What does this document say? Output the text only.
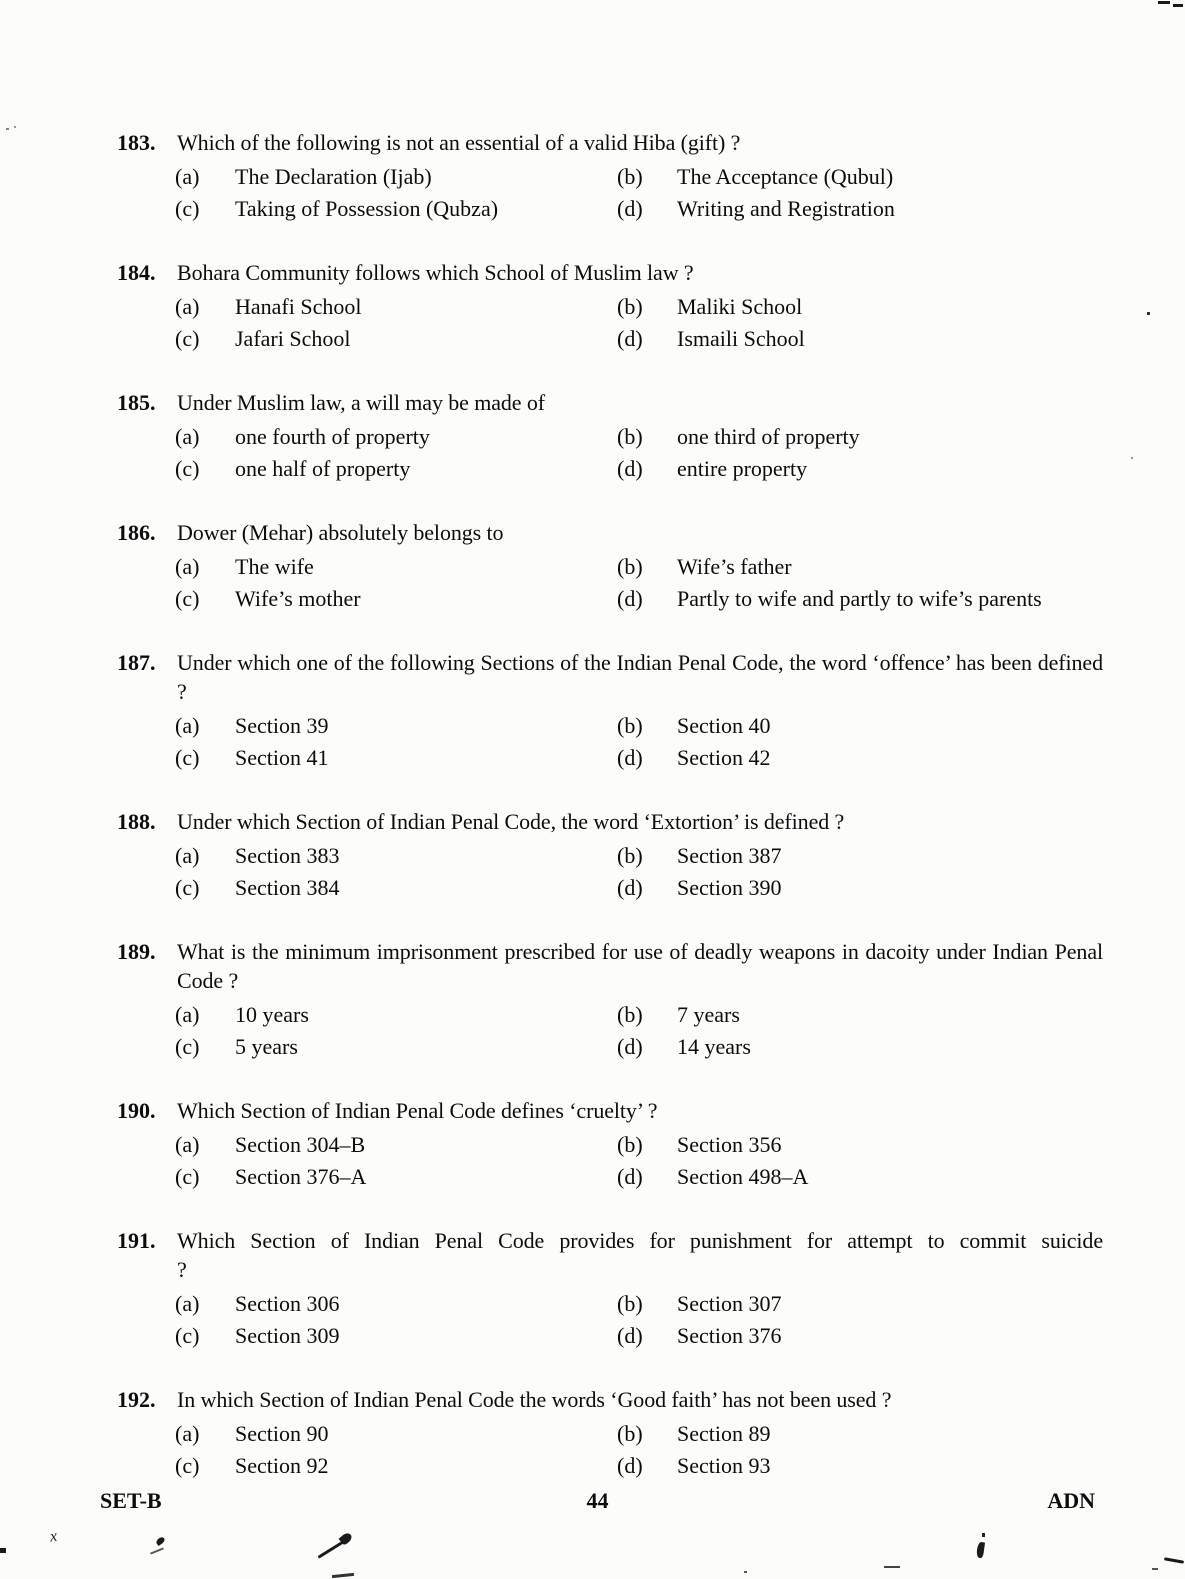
183. Which of the following is not an essential of a valid Hiba (gift) ?
(a)	The Declaration (Ijab)	(b)	The Acceptance (Qubul)
(c)	Taking of Possession (Qubza)	(d)	Writing and Registration
184. Bohara Community follows which School of Muslim law ?
(a)	Hanafi School	(b)	Maliki School
(c)	Jafari School	(d)	Ismaili School
185. Under Muslim law, a will may be made of
(a)	one fourth of property	(b)	one third of property
(c)	one half of property	(d)	entire property
186. Dower (Mehar) absolutely belongs to
(a)	The wife	(b)	Wife’s father
(c)	Wife’s mother	(d)	Partly to wife and partly to wife’s parents
187. Under which one of the following Sections of the Indian Penal Code, the word ‘offence’ has been defined ?
(a)	Section 39	(b)	Section 40
(c)	Section 41	(d)	Section 42
188. Under which Section of Indian Penal Code, the word ‘Extortion’ is defined ?
(a)	Section 383	(b)	Section 387
(c)	Section 384	(d)	Section 390
189. What is the minimum imprisonment prescribed for use of deadly weapons in dacoity under Indian Penal Code ?
(a)	10 years	(b)	7 years
(c)	5 years	(d)	14 years
190. Which Section of Indian Penal Code defines ‘cruelty’ ?
(a)	Section 304–B	(b)	Section 356
(c)	Section 376–A	(d)	Section 498–A
191. Which Section of Indian Penal Code provides for punishment for attempt to commit suicide ?
(a)	Section 306	(b)	Section 307
(c)	Section 309	(d)	Section 376
192. In which Section of Indian Penal Code the words ‘Good faith’ has not been used ?
(a)	Section 90	(b)	Section 89
(c)	Section 92	(d)	Section 93
SET-B	44	ADN
x
